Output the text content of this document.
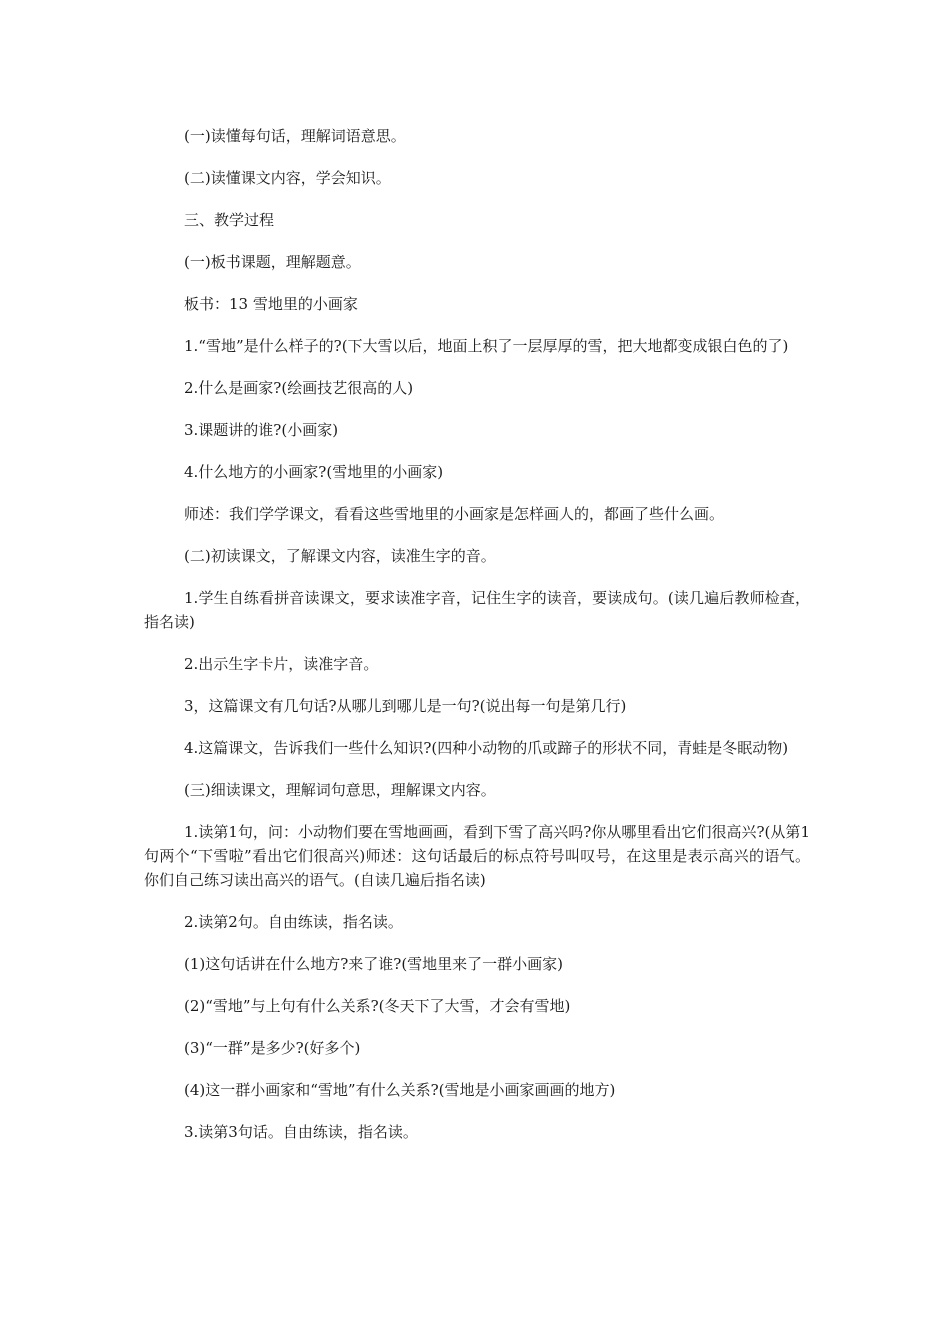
(一)读懂每句话，理解词语意思。

(二)读懂课文内容，学会知识。

三、教学过程

(一)板书课题，理解题意。

板书：13 雪地里的小画家

1.“雪地”是什么样子的?(下大雪以后，地面上积了一层厚厚的雪，把大地都变成银白色的了)

2.什么是画家?(绘画技艺很高的人)

3.课题讲的谁?(小画家)

4.什么地方的小画家?(雪地里的小画家)

师述：我们学学课文，看看这些雪地里的小画家是怎样画人的，都画了些什么画。

(二)初读课文，了解课文内容，读准生字的音。

1.学生自练看拼音读课文，要求读准字音，记住生字的读音，要读成句。(读几遍后教师检查，指名读)

2.出示生字卡片，读准字音。

3，这篇课文有几句话?从哪儿到哪儿是一句?(说出每一句是第几行)

4.这篇课文，告诉我们一些什么知识?(四种小动物的爪或蹄子的形状不同，青蛙是冬眠动物)

(三)细读课文，理解词句意思，理解课文内容。

1.读第1句，问：小动物们要在雪地画画，看到下雪了高兴吗?你从哪里看出它们很高兴?(从第1句两个“下雪啦”看出它们很高兴)师述：这句话最后的标点符号叫叹号，在这里是表示高兴的语气。你们自己练习读出高兴的语气。(自读几遍后指名读)

2.读第2句。自由练读，指名读。

(1)这句话讲在什么地方?来了谁?(雪地里来了一群小画家)

(2)“雪地”与上句有什么关系?(冬天下了大雪，才会有雪地)

(3)“一群”是多少?(好多个)

(4)这一群小画家和“雪地”有什么关系?(雪地是小画家画画的地方)

3.读第3句话。自由练读，指名读。
